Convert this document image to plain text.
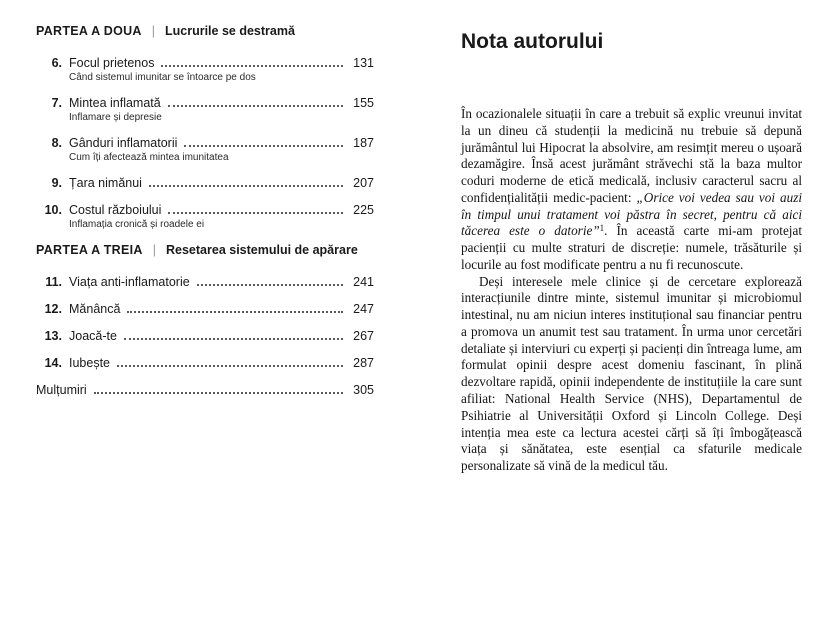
PARTEA A DOUA | Lucrurile se destramă
6. Focul prietenos	131
Când sistemul imunitar se întoarce pe dos
7. Mintea inflamată	155
Inflamare și depresie
8. Gânduri inflamatorii	187
Cum îți afectează mintea imunitatea
9. Țara nimănui	207
10. Costul războiului	225
Inflamația cronică și roadele ei
PARTEA A TREIA | Resetarea sistemului de apărare
11. Viața anti-inflamatorie	241
12. Mănâncă	247
13. Joacă-te	267
14. Iubește	287
Mulțumiri	305
Nota autorului

În ocazionalele situații în care a trebuit să explic vreunui invitat la un dineu că studenții la medicină nu trebuie să depună jurământul lui Hipocrat la absolvire, am resimțit mereu o ușoară dezamăgire. Însă acest jurământ străvechi stă la baza multor coduri moderne de etică medicală, inclusiv caracterul sacru al confidențialității medic-pacient: „Orice voi vedea sau voi auzi în timpul unui tratament voi păstra în secret, pentru că aici tăcerea este o datorie”$^1$. În această carte mi-am protejat pacienții cu multe straturi de discreție: numele, trăsăturile și locurile au fost modificate pentru a nu fi recunoscute.

Deși interesele mele clinice și de cercetare explorează interacțiunile dintre minte, sistemul imunitar și microbiomul intestinal, nu am niciun interes instituțional sau financiar pentru a promova un anumit test sau tratament. În urma unor cercetări detaliate și interviuri cu experți și pacienți din întreaga lume, am formulat opinii despre acest domeniu fascinant, în plină dezvoltare rapidă, opinii independente de instituțiile la care sunt afiliat: National Health Service (NHS), Departamentul de Psihiatrie al Universității Oxford și Lincoln College. Deși intenția mea este ca lectura acestei cărți să îți îmbogățească viața și sănătatea, este esențial ca sfaturile medicale personalizate să vină de la medicul tău.
